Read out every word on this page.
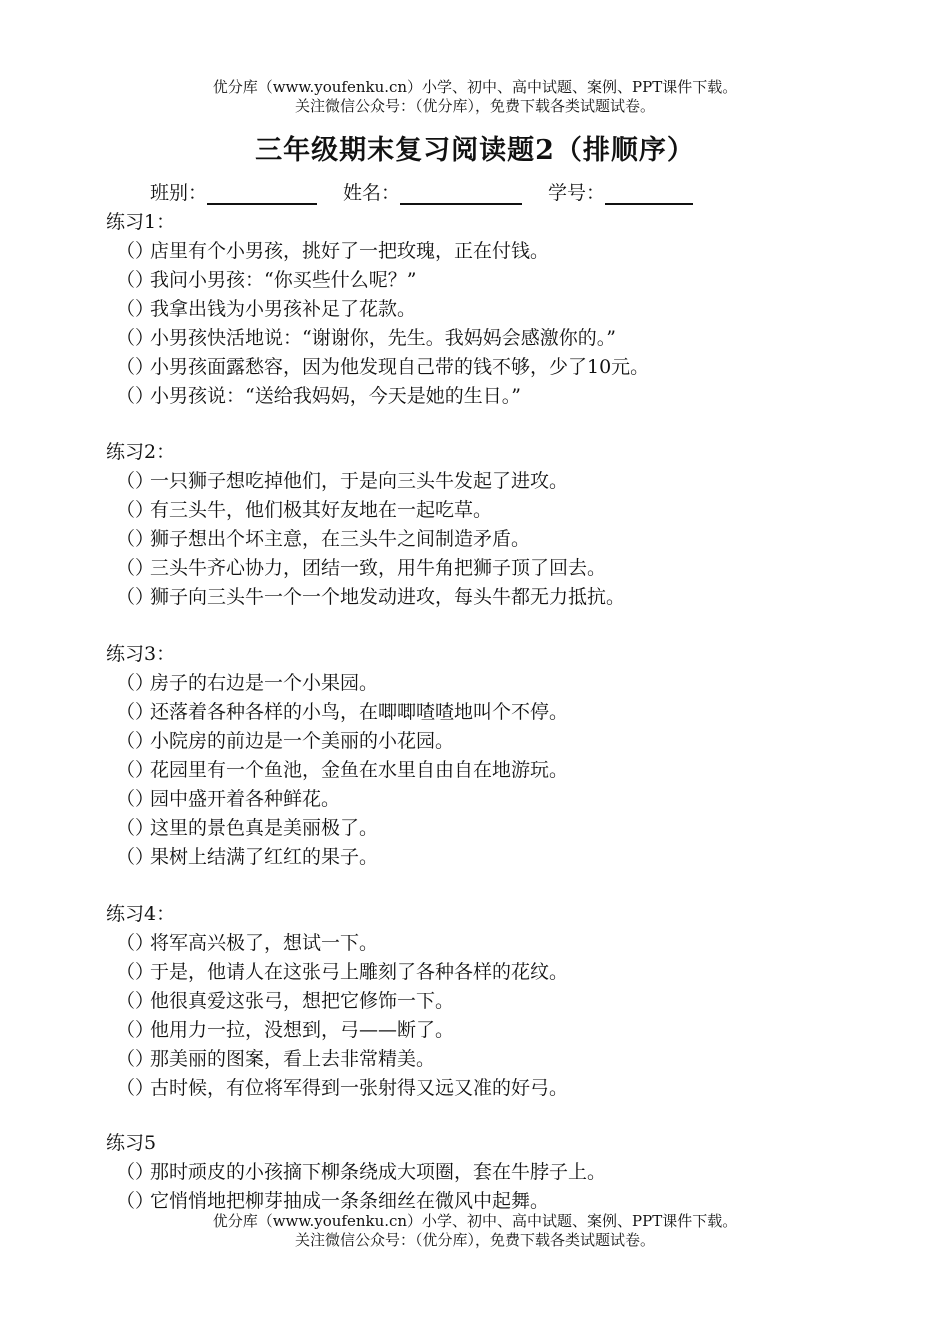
优分库（www.youfenku.cn）小学、初中、高中试题、案例、PPT课件下载。
关注微信公众号：（优分库），免费下载各类试题试卷。
三年级期末复习阅读题2（排顺序）
班别：	姓名：	学号：
练习1：
（）店里有个小男孩，挑好了一把玫瑰，正在付钱。
（）我问小男孩：“你买些什么呢？”
（）我拿出钱为小男孩补足了花款。
（）小男孩快活地说：“谢谢你，先生。我妈妈会感激你的。”
（）小男孩面露愁容，因为他发现自己带的钱不够，少了10元。
（）小男孩说：“送给我妈妈，今天是她的生日。”
练习2：
（）一只狮子想吃掉他们，于是向三头牛发起了进攻。
（）有三头牛，他们极其好友地在一起吃草。
（）狮子想出个坏主意，在三头牛之间制造矛盾。
（）三头牛齐心协力，团结一致，用牛角把狮子顶了回去。
（）狮子向三头牛一个一个地发动进攻，每头牛都无力抵抗。
练习3：
（）房子的右边是一个小果园。
（）还落着各种各样的小鸟，在唧唧喳喳地叫个不停。
（）小院房的前边是一个美丽的小花园。
（）花园里有一个鱼池，金鱼在水里自由自在地游玩。
（）园中盛开着各种鲜花。
（）这里的景色真是美丽极了。
（）果树上结满了红红的果子。
练习4：
（）将军高兴极了，想试一下。
（）于是，他请人在这张弓上雕刻了各种各样的花纹。
（）他很真爱这张弓，想把它修饰一下。
（）他用力一拉，没想到，弓——断了。
（）那美丽的图案，看上去非常精美。
（）古时候，有位将军得到一张射得又远又准的好弓。
练习5
（）那时顽皮的小孩摘下柳条绕成大项圈，套在牛脖子上。
（）它悄悄地把柳芽抽成一条条细丝在微风中起舞。
优分库（www.youfenku.cn）小学、初中、高中试题、案例、PPT课件下载。
关注微信公众号：（优分库），免费下载各类试题试卷。
